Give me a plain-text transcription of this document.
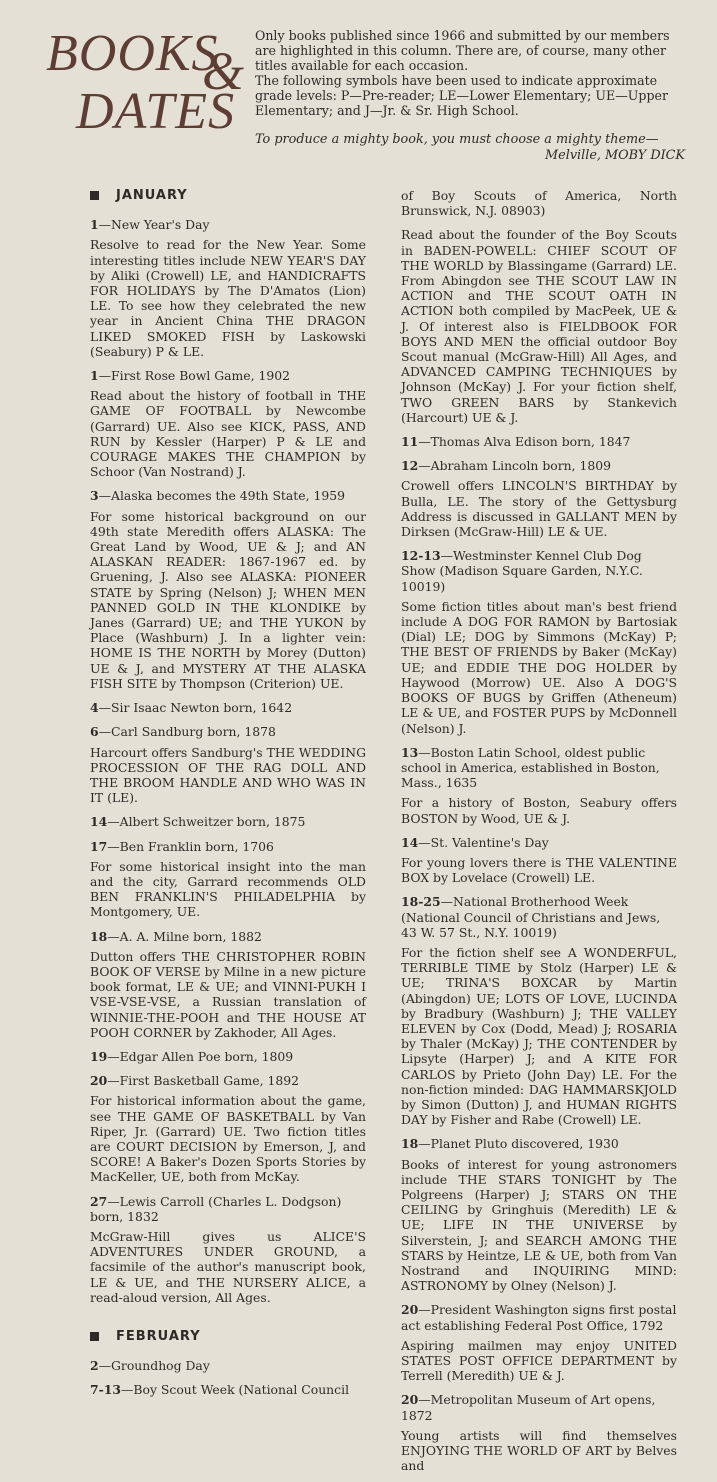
BOOKS
&
DATES

Only books published since 1966 and submitted by our members are highlighted in this column. There are, of course, many other titles available for each occasion.

The following symbols have been used to indicate approximate grade levels: P—Pre-reader; LE—Lower Elementary; UE—Upper Elementary; and J—Jr. & Sr. High School.

To produce a mighty book, you must choose a mighty theme—
Melville, MOBY DICK
JANUARY

1—New Year's Day

Resolve to read for the New Year. Some interesting titles include NEW YEAR'S DAY by Aliki (Crowell) LE, and HANDICRAFTS FOR HOLIDAYS by The D'Amatos (Lion) LE. To see how they celebrated the new year in Ancient China THE DRAGON LIKED SMOKED FISH by Laskowski (Seabury) P & LE.

1—First Rose Bowl Game, 1902

Read about the history of football in THE GAME OF FOOTBALL by Newcombe (Garrard) UE. Also see KICK, PASS, AND RUN by Kessler (Harper) P & LE and COURAGE MAKES THE CHAMPION by Schoor (Van Nostrand) J.

3—Alaska becomes the 49th State, 1959

For some historical background on our 49th state Meredith offers ALASKA: The Great Land by Wood, UE & J; and AN ALASKAN READER: 1867-1967 ed. by Gruening, J. Also see ALASKA: PIONEER STATE by Spring (Nelson) J; WHEN MEN PANNED GOLD IN THE KLONDIKE by Janes (Garrard) UE; and THE YUKON by Place (Washburn) J. In a lighter vein: HOME IS THE NORTH by Morey (Dutton) UE & J, and MYSTERY AT THE ALASKA FISH SITE by Thompson (Criterion) UE.

4—Sir Isaac Newton born, 1642

6—Carl Sandburg born, 1878

Harcourt offers Sandburg's THE WEDDING PROCESSION OF THE RAG DOLL AND THE BROOM HANDLE AND WHO WAS IN IT (LE).

14—Albert Schweitzer born, 1875

17—Ben Franklin born, 1706

For some historical insight into the man and the city, Garrard recommends OLD BEN FRANKLIN'S PHILADELPHIA by Montgomery, UE.

18—A. A. Milne born, 1882

Dutton offers THE CHRISTOPHER ROBIN BOOK OF VERSE by Milne in a new picture book format, LE & UE; and VINNI-PUKH I VSE-VSE-VSE, a Russian translation of WINNIE-THE-POOH and THE HOUSE AT POOH CORNER by Zakhoder, All Ages.

19—Edgar Allen Poe born, 1809

20—First Basketball Game, 1892

For historical information about the game, see THE GAME OF BASKETBALL by Van Riper, Jr. (Garrard) UE. Two fiction titles are COURT DECISION by Emerson, J, and SCORE! A Baker's Dozen Sports Stories by MacKeller, UE, both from McKay.

27—Lewis Carroll (Charles L. Dodgson) born, 1832

McGraw-Hill gives us ALICE'S ADVENTURES UNDER GROUND, a facsimile of the author's manuscript book, LE & UE, and THE NURSERY ALICE, a read-aloud version, All Ages.

FEBRUARY

2—Groundhog Day

7-13—Boy Scout Week (National Council

of Boy Scouts of America, North Brunswick, N.J. 08903)

Read about the founder of the Boy Scouts in BADEN-POWELL: CHIEF SCOUT OF THE WORLD by Blassingame (Garrard) LE. From Abingdon see THE SCOUT LAW IN ACTION and THE SCOUT OATH IN ACTION both compiled by MacPeek, UE & J. Of interest also is FIELDBOOK FOR BOYS AND MEN the official outdoor Boy Scout manual (McGraw-Hill) All Ages, and ADVANCED CAMPING TECHNIQUES by Johnson (McKay) J. For your fiction shelf, TWO GREEN BARS by Stankevich (Harcourt) UE & J.

11—Thomas Alva Edison born, 1847

12—Abraham Lincoln born, 1809

Crowell offers LINCOLN'S BIRTHDAY by Bulla, LE. The story of the Gettysburg Address is discussed in GALLANT MEN by Dirksen (McGraw-Hill) LE & UE.

12-13—Westminster Kennel Club Dog Show (Madison Square Garden, N.Y.C. 10019)

Some fiction titles about man's best friend include A DOG FOR RAMON by Bartosiak (Dial) LE; DOG by Simmons (McKay) P; THE BEST OF FRIENDS by Baker (McKay) UE; and EDDIE THE DOG HOLDER by Haywood (Morrow) UE. Also A DOG'S BOOKS OF BUGS by Griffen (Atheneum) LE & UE, and FOSTER PUPS by McDonnell (Nelson) J.

13—Boston Latin School, oldest public school in America, established in Boston, Mass., 1635

For a history of Boston, Seabury offers BOSTON by Wood, UE & J.

14—St. Valentine's Day

For young lovers there is THE VALENTINE BOX by Lovelace (Crowell) LE.

18-25—National Brotherhood Week (National Council of Christians and Jews, 43 W. 57 St., N.Y. 10019)

For the fiction shelf see A WONDERFUL, TERRIBLE TIME by Stolz (Harper) LE & UE; TRINA'S BOXCAR by Martin (Abingdon) UE; LOTS OF LOVE, LUCINDA by Bradbury (Washburn) J; THE VALLEY ELEVEN by Cox (Dodd, Mead) J; ROSARIA by Thaler (McKay) J; THE CONTENDER by Lipsyte (Harper) J; and A KITE FOR CARLOS by Prieto (John Day) LE. For the non-fiction minded: DAG HAMMARSKJOLD by Simon (Dutton) J, and HUMAN RIGHTS DAY by Fisher and Rabe (Crowell) LE.

18—Planet Pluto discovered, 1930

Books of interest for young astronomers include THE STARS TONIGHT by The Polgreens (Harper) J; STARS ON THE CEILING by Gringhuis (Meredith) LE & UE; LIFE IN THE UNIVERSE by Silverstein, J; and SEARCH AMONG THE STARS by Heintze, LE & UE, both from Van Nostrand and INQUIRING MIND: ASTRONOMY by Olney (Nelson) J.

20—President Washington signs first postal act establishing Federal Post Office, 1792

Aspiring mailmen may enjoy UNITED STATES POST OFFICE DEPARTMENT by Terrell (Meredith) UE & J.

20—Metropolitan Museum of Art opens, 1872

Young artists will find themselves ENJOYING THE WORLD OF ART by Belves and
